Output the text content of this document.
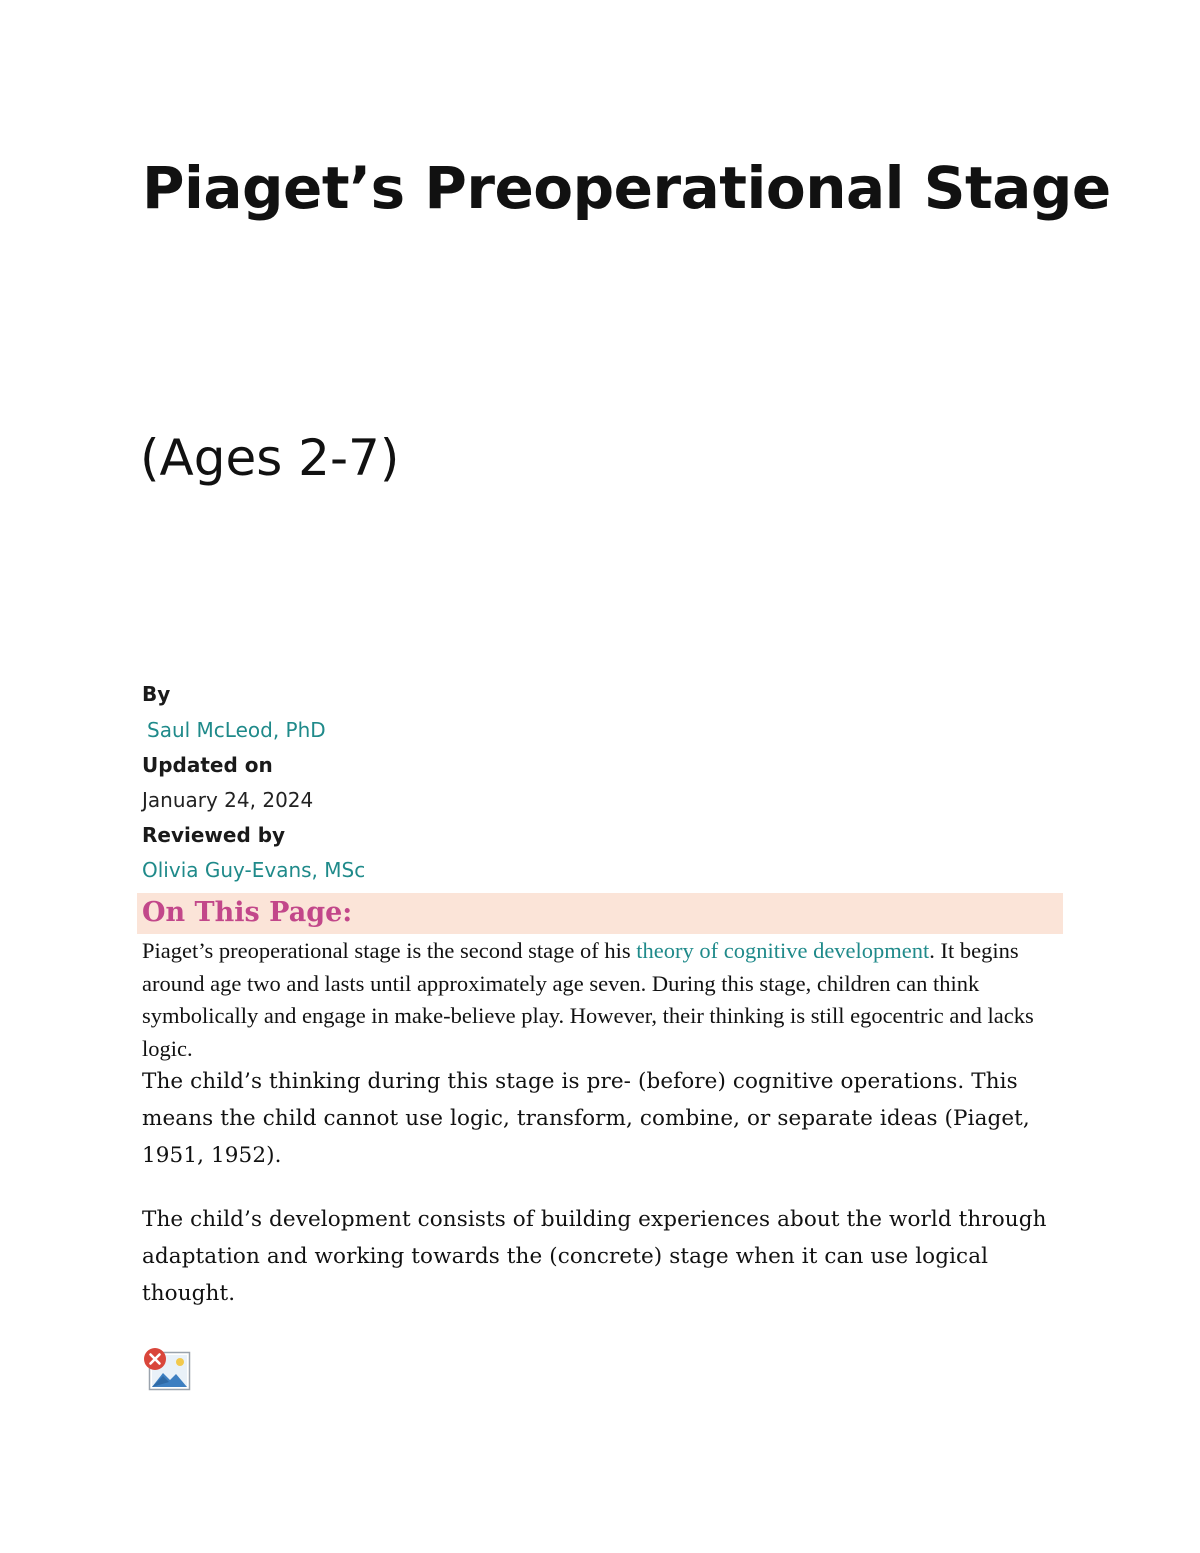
Piaget’s Preoperational Stage
(Ages 2-7)
By
Saul McLeod, PhD
Updated on
January 24, 2024
Reviewed by
Olivia Guy-Evans, MSc
On This Page:

Piaget’s preoperational stage is the second stage of his theory of cognitive development. It begins around age two and lasts until approximately age seven. During this stage, children can think symbolically and engage in make-believe play. However, their thinking is still egocentric and lacks logic.

The child’s thinking during this stage is pre- (before) cognitive operations. This means the child cannot use logic, transform, combine, or separate ideas (Piaget, 1951, 1952).

The child’s development consists of building experiences about the world through adaptation and working towards the (concrete) stage when it can use logical thought.
